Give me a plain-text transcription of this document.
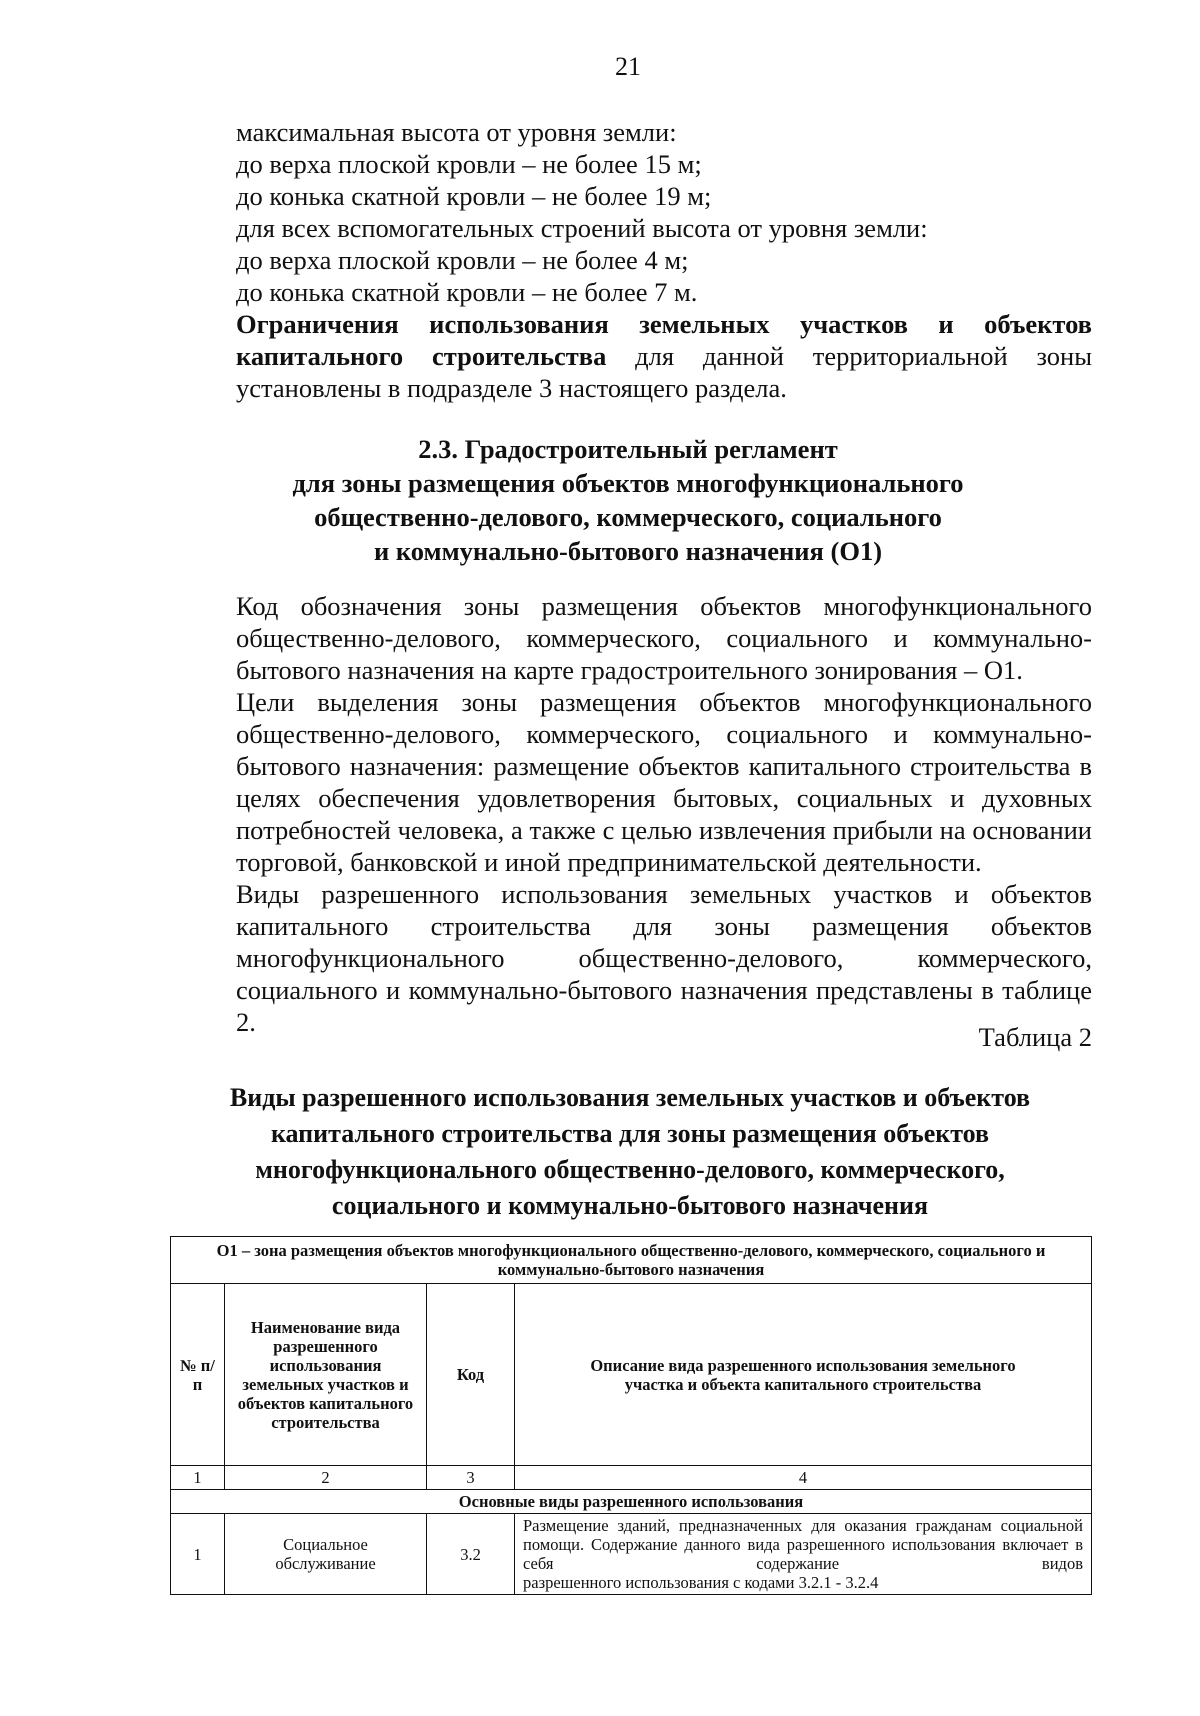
21
максимальная высота от уровня земли:
до верха плоской кровли – не более 15 м;
до конька скатной кровли – не более 19 м;
для всех вспомогательных строений высота от уровня земли:
до верха плоской кровли – не более 4 м;
до конька скатной кровли – не более 7 м.
Ограничения использования земельных участков и объектов капитального строительства для данной территориальной зоны установлены в подразделе 3 настоящего раздела.
2.3. Градостроительный регламент
для зоны размещения объектов многофункционального
общественно-делового, коммерческого, социального
и коммунально-бытового назначения (О1)
Код обозначения зоны размещения объектов многофункционального общественно-делового, коммерческого, социального и коммунально-бытового назначения на карте градостроительного зонирования – О1.
Цели выделения зоны размещения объектов многофункционального общественно-делового, коммерческого, социального и коммунально-бытового назначения: размещение объектов капитального строительства в целях обеспечения удовлетворения бытовых, социальных и духовных потребностей человека, а также с целью извлечения прибыли на основании торговой, банковской и иной предпринимательской деятельности.
Виды разрешенного использования земельных участков и объектов капитального строительства для зоны размещения объектов многофункционального общественно-делового, коммерческого, социального и коммунально-бытового назначения представлены в таблице 2.	Таблица 2
Виды разрешенного использования земельных участков и объектов
капитального строительства для зоны размещения объектов
многофункционального общественно-делового, коммерческого,
социального и коммунально-бытового назначения
О1 – зона размещения объектов многофункционального общественно-делового, коммерческого, социального и коммунально-бытового назначения			
№ п/п	Наименование вида разрешенного использования земельных участков и объектов капитального строительства	Код	Описание вида разрешенного использования земельного участка и объекта капитального строительства
1	2	3	4
Основные виды разрешенного использования			
1	Социальное обслуживание	3.2	Размещение зданий, предназначенных для оказания гражданам социальной помощи. Содержание данного вида разрешенного использования включает в себя содержание видов
разрешенного использования с кодами 3.2.1 - 3.2.4
